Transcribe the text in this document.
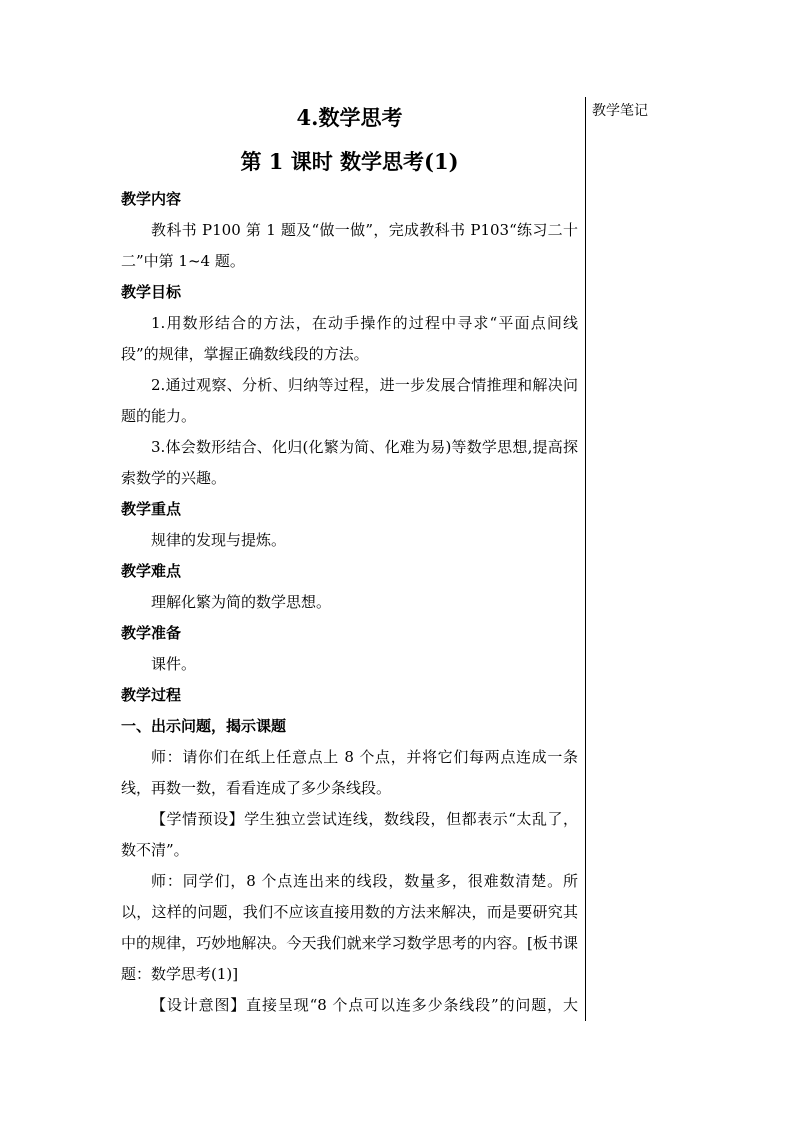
教学笔记
4.数学思考
第 1 课时 数学思考(1)
教学内容

教科书 P100 第 1 题及“做一做”，完成教科书 P103“练习二十二”中第 1~4 题。

教学目标

1.用数形结合的方法，在动手操作的过程中寻求“平面点间线段”的规律，掌握正确数线段的方法。

2.通过观察、分析、归纳等过程，进一步发展合情推理和解决问题的能力。

3.体会数形结合、化归(化繁为简、化难为易)等数学思想,提高探索数学的兴趣。

教学重点

规律的发现与提炼。

教学难点

理解化繁为简的数学思想。

教学准备

课件。

教学过程
一、出示问题，揭示课题

师：请你们在纸上任意点上 8 个点，并将它们每两点连成一条线，再数一数，看看连成了多少条线段。

【学情预设】学生独立尝试连线，数线段，但都表示“太乱了，数不清”。

师：同学们，8 个点连出来的线段，数量多，很难数清楚。所以，这样的问题，我们不应该直接用数的方法来解决，而是要研究其中的规律，巧妙地解决。今天我们就来学习数学思考的内容。[板书课题：数学思考(1)]

【设计意图】直接呈现“8 个点可以连多少条线段”的问题，大
